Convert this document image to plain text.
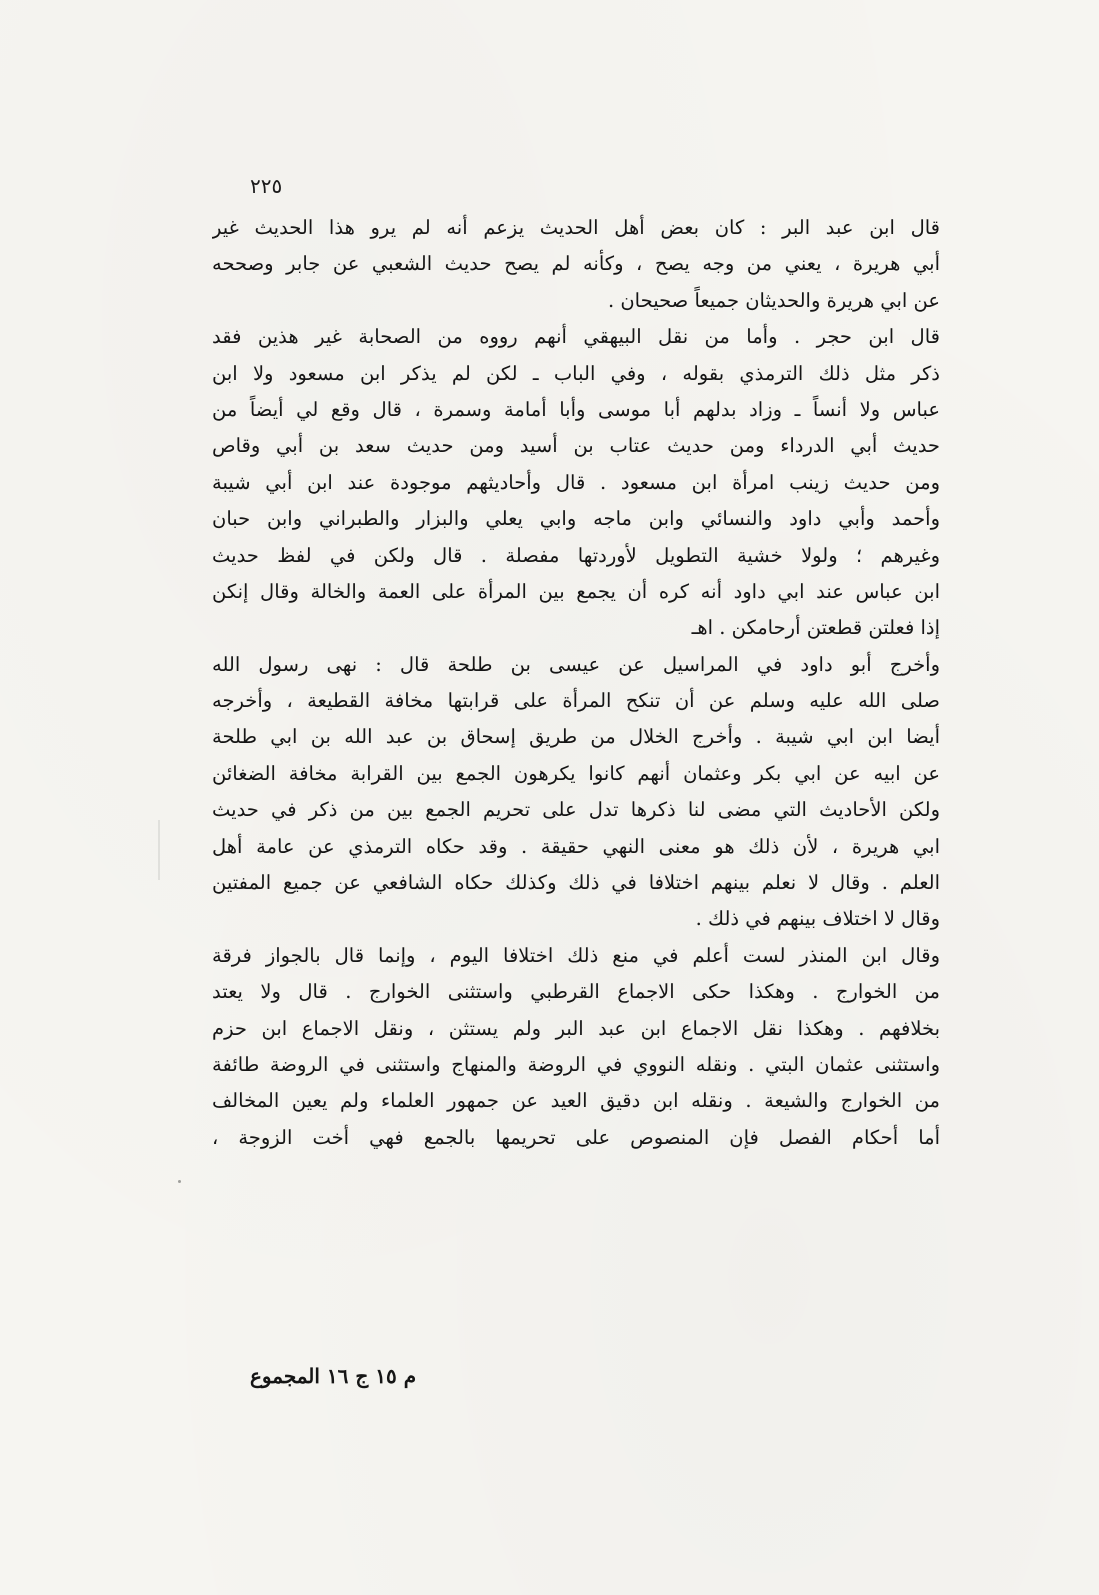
٢٢٥
قال ابن عبد البر : كان بعض أهل الحديث يزعم أنه لم يرو هذا الحديث غير
أبي هريرة ، يعني من وجه يصح ، وكأنه لم يصح حديث الشعبي عن جابر وصححه
عن ابي هريرة والحديثان جميعاً صحيحان .
قال ابن حجر . وأما من نقل البيهقي أنهم رووه من الصحابة غير هذين فقد
ذكر مثل ذلك الترمذي بقوله ، وفي الباب ـ لكن لم يذكر ابن مسعود ولا ابن
عباس ولا أنساً ـ وزاد بدلهم أبا موسى وأبا أمامة وسمرة ، قال وقع لي أيضاً من
حديث أبي الدرداء ومن حديث عتاب بن أسيد ومن حديث سعد بن أبي وقاص
ومن حديث زينب امرأة ابن مسعود . قال وأحاديثهم موجودة عند ابن أبي شيبة
وأحمد وأبي داود والنسائي وابن ماجه وابي يعلي والبزار والطبراني وابن حبان
وغيرهم ؛ ولولا خشية التطويل لأوردتها مفصلة . قال ولكن في لفظ حديث
ابن عباس عند ابي داود أنه كره أن يجمع بين المرأة على العمة والخالة وقال إنكن
إذا فعلتن قطعتن أرحامكن . اهـ
وأخرج أبو داود في المراسيل عن عيسى بن طلحة قال : نهى رسول الله
صلى الله عليه وسلم عن أن تنكح المرأة على قرابتها مخافة القطيعة ، وأخرجه
أيضا ابن ابي شيبة . وأخرج الخلال من طريق إسحاق بن عبد الله بن ابي طلحة
عن ابيه عن ابي بكر وعثمان أنهم كانوا يكرهون الجمع بين القرابة مخافة الضغائن
ولكن الأحاديث التي مضى لنا ذكرها تدل على تحريم الجمع بين من ذكر في حديث
ابي هريرة ، لأن ذلك هو معنى النهي حقيقة . وقد حكاه الترمذي عن عامة أهل
العلم . وقال لا نعلم بينهم اختلافا في ذلك وكذلك حكاه الشافعي عن جميع المفتين
وقال لا اختلاف بينهم في ذلك .
وقال ابن المنذر لست أعلم في منع ذلك اختلافا اليوم ، وإنما قال بالجواز فرقة
من الخوارج . وهكذا حكى الاجماع القرطبي واستثنى الخوارج . قال ولا يعتد
بخلافهم . وهكذا نقل الاجماع ابن عبد البر ولم يستثن ، ونقل الاجماع ابن حزم
واستثنى عثمان البتي . ونقله النووي في الروضة والمنهاج واستثنى في الروضة طائفة
من الخوارج والشيعة . ونقله ابن دقيق العيد عن جمهور العلماء ولم يعين المخالف
أما أحكام الفصل فإن المنصوص على تحريمها بالجمع فهي أخت الزوجة ،
م ١٥ ج ١٦ المجموع
